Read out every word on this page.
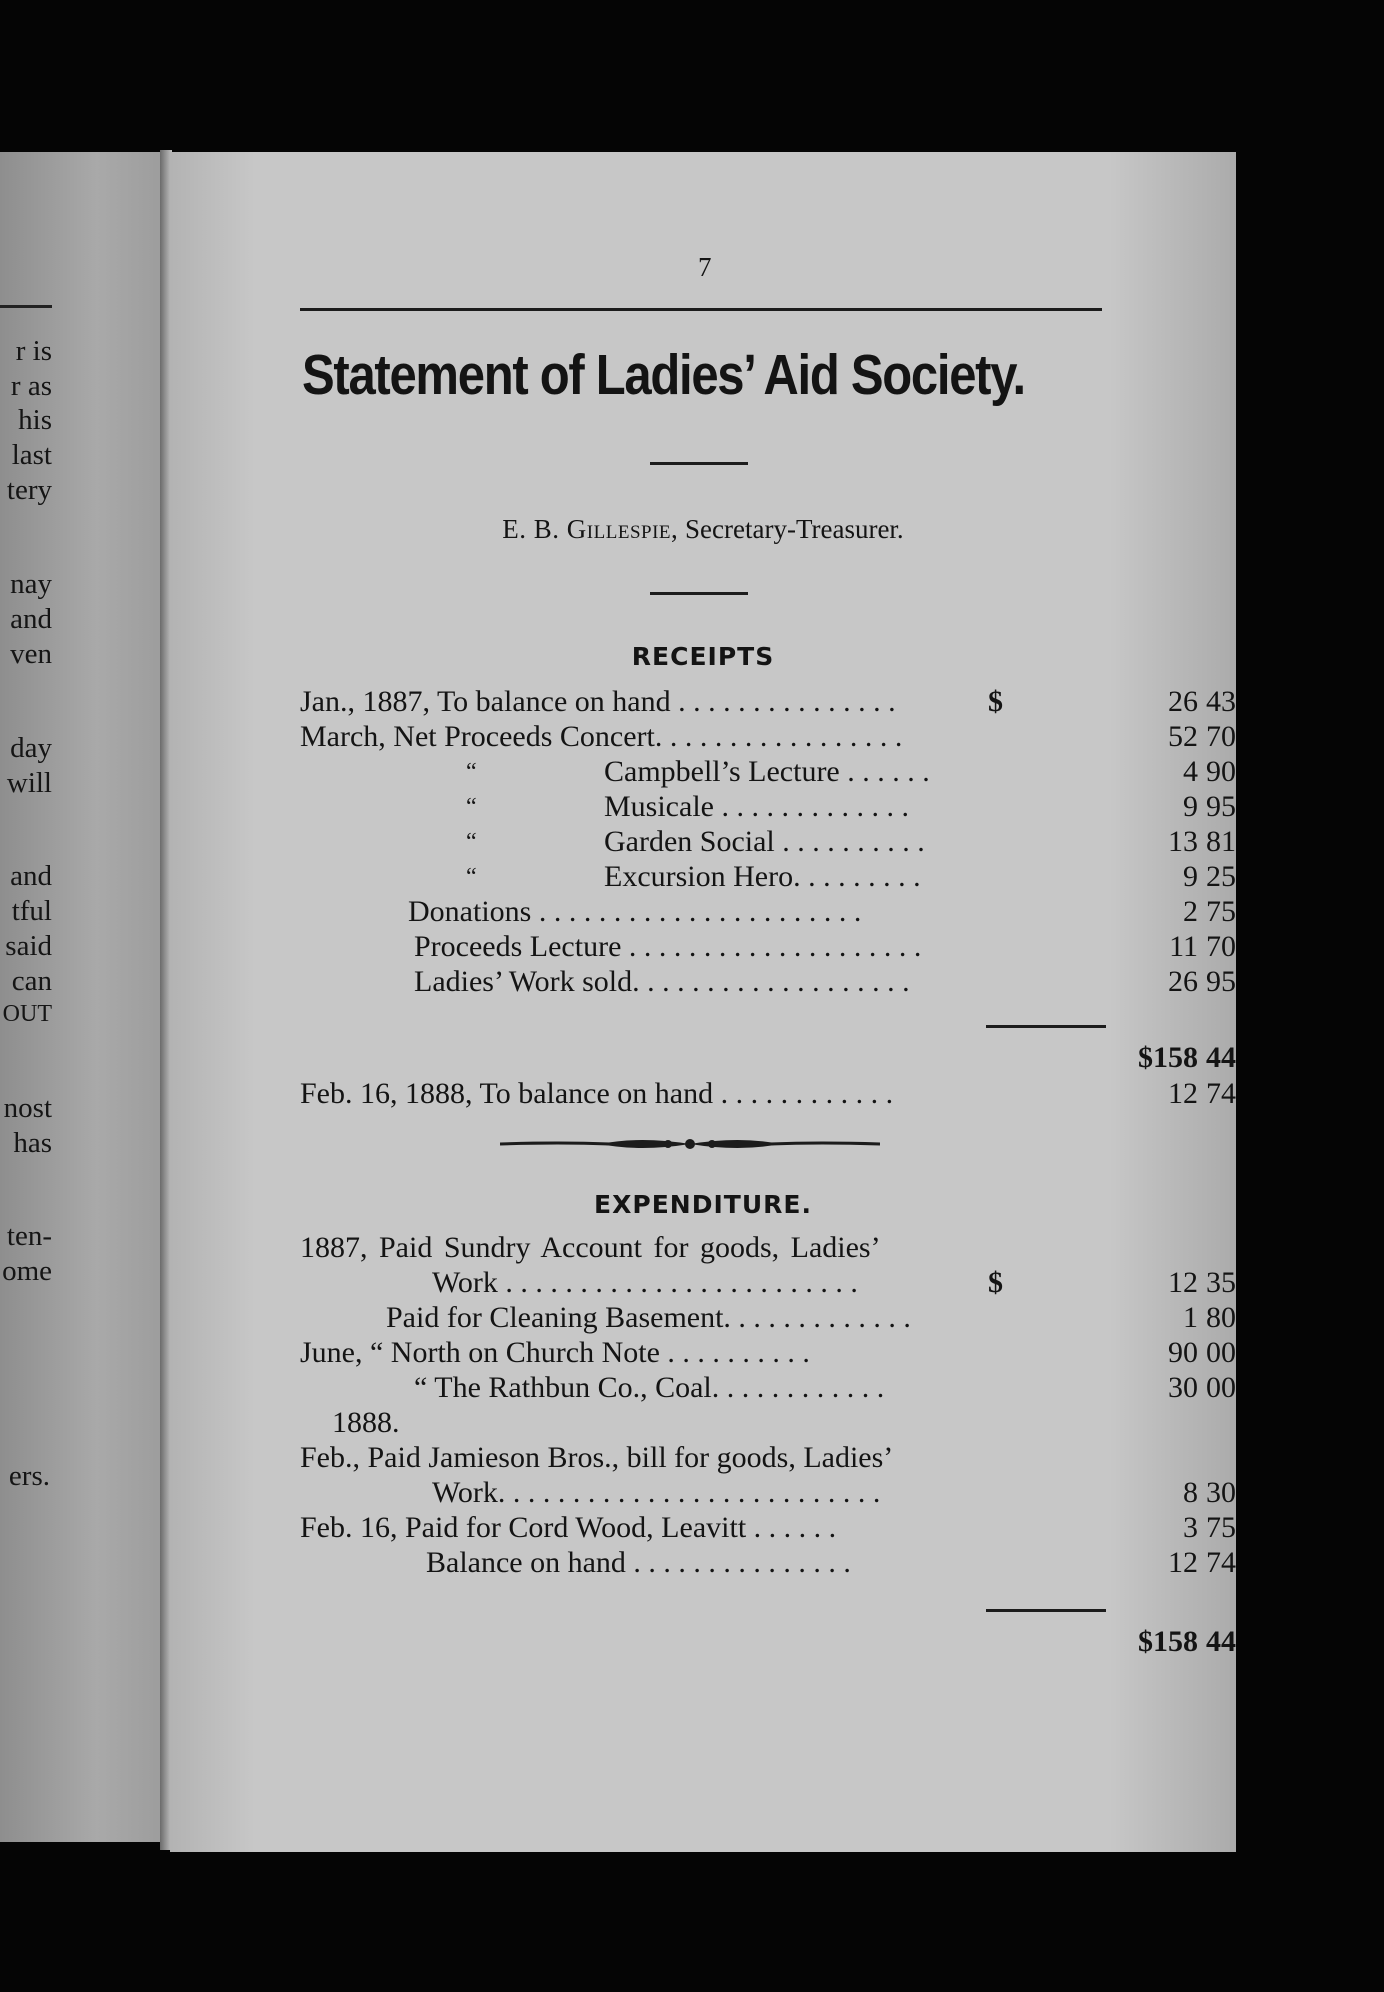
r is
r as
his
last
tery
nay
and
ven
day
will
and
tful
said
can
OUT
nost
has
ten-
ome
ers.
7
Statement of Ladies’ Aid Society.
E. B. Gillespie, Secretary-Treasurer.
RECEIPTS
Jan., 1887, To balance on hand . . . . . . . . . . . . . . .	$	26 43
March, Net Proceeds Concert. . . . . . . . . . . . . . . . .	52 70
“	Campbell’s Lecture . . . . . .	4 90
“	Musicale . . . . . . . . . . . . .	9 95
“	Garden Social . . . . . . . . . .	13 81
“	Excursion Hero. . . . . . . . .	9 25
Donations . . . . . . . . . . . . . . . . . . . . . .	2 75
Proceeds Lecture . . . . . . . . . . . . . . . . . . . .	11 70
Ladies’ Work sold. . . . . . . . . . . . . . . . . . .	26 95
$158 44
Feb. 16, 1888, To balance on hand . . . . . . . . . . . .	12 74
EXPENDITURE.
1887, Paid Sundry Account for goods, Ladies’
Work . . . . . . . . . . . . . . . . . . . . . . . .	$	12 35
Paid for Cleaning Basement. . . . . . . . . . . . .	1 80
June, “ North on Church Note . . . . . . . . . .	90 00
“ The Rathbun Co., Coal. . . . . . . . . . . .	30 00
1888.
Feb., Paid Jamieson Bros., bill for goods, Ladies’
Work. . . . . . . . . . . . . . . . . . . . . . . . . .	8 30
Feb. 16, Paid for Cord Wood, Leavitt . . . . . .	3 75
Balance on hand . . . . . . . . . . . . . . .	12 74
$158 44
